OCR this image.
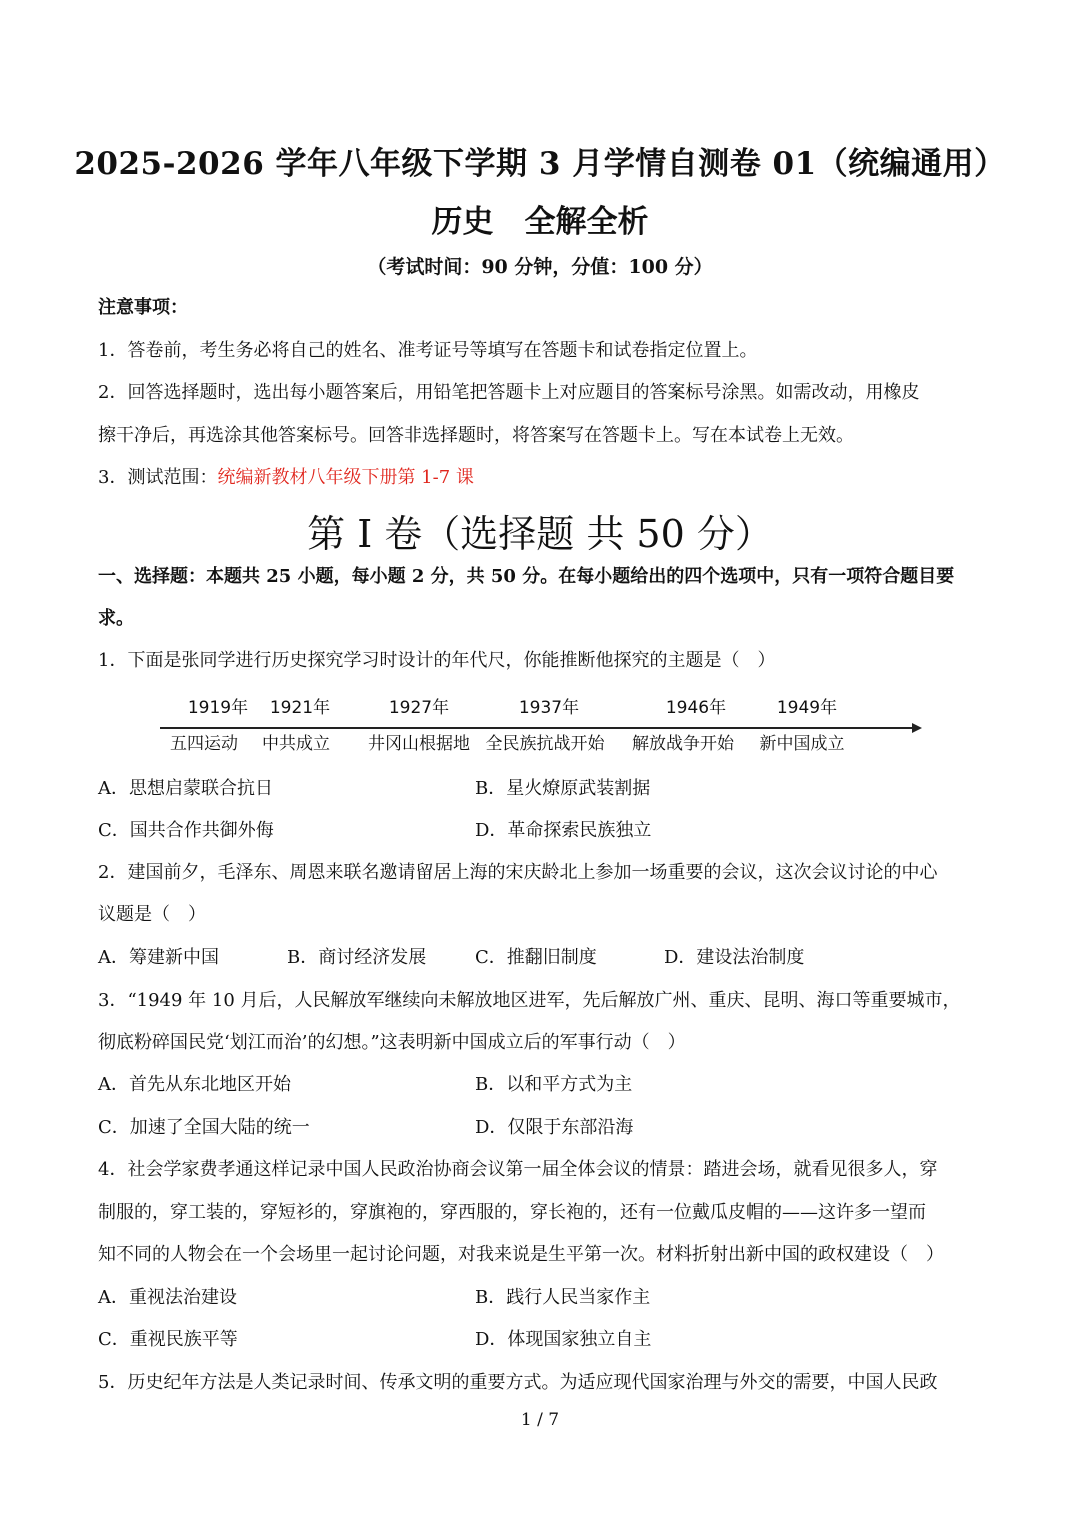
2025-2026 学年八年级下学期 3 月学情自测卷 01（统编通用）
历史　全解全析
（考试时间：90 分钟，分值：100 分）
注意事项：
1．答卷前，考生务必将自己的姓名、准考证号等填写在答题卡和试卷指定位置上。
2．回答选择题时，选出每小题答案后，用铅笔把答题卡上对应题目的答案标号涂黑。如需改动，用橡皮
擦干净后，再选涂其他答案标号。回答非选择题时，将答案写在答题卡上。写在本试卷上无效。
3．测试范围：统编新教材八年级下册第 1-7 课
第 I 卷（选择题 共 50 分）
一、选择题：本题共 25 小题，每小题 2 分，共 50 分。在每小题给出的四个选项中，只有一项符合题目要
求。
1．下面是张同学进行历史探究学习时设计的年代尺，你能推断他探究的主题是（　）
1919年 1921年	1927年	1937年	1946年	1949年
五四运动 中共成立 井冈山根据地 全民族抗战开始 解放战争开始 新中国成立
A．思想启蒙联合抗日	B．星火燎原武装割据
C．国共合作共御外侮	D．革命探索民族独立
2．建国前夕，毛泽东、周恩来联名邀请留居上海的宋庆龄北上参加一场重要的会议，这次会议讨论的中心
议题是（　）
A．筹建新中国	B．商讨经济发展	C．推翻旧制度	D．建设法治制度
3．“1949 年 10 月后，人民解放军继续向未解放地区进军，先后解放广州、重庆、昆明、海口等重要城市，
彻底粉碎国民党‘划江而治’的幻想。”这表明新中国成立后的军事行动（　）
A．首先从东北地区开始	B．以和平方式为主
C．加速了全国大陆的统一	D．仅限于东部沿海
4．社会学家费孝通这样记录中国人民政治协商会议第一届全体会议的情景：踏进会场，就看见很多人，穿
制服的，穿工装的，穿短衫的，穿旗袍的，穿西服的，穿长袍的，还有一位戴瓜皮帽的——这许多一望而
知不同的人物会在一个会场里一起讨论问题，对我来说是生平第一次。材料折射出新中国的政权建设（　）
A．重视法治建设	B．践行人民当家作主
C．重视民族平等	D．体现国家独立自主
5．历史纪年方法是人类记录时间、传承文明的重要方式。为适应现代国家治理与外交的需要，中国人民政
1 / 7
